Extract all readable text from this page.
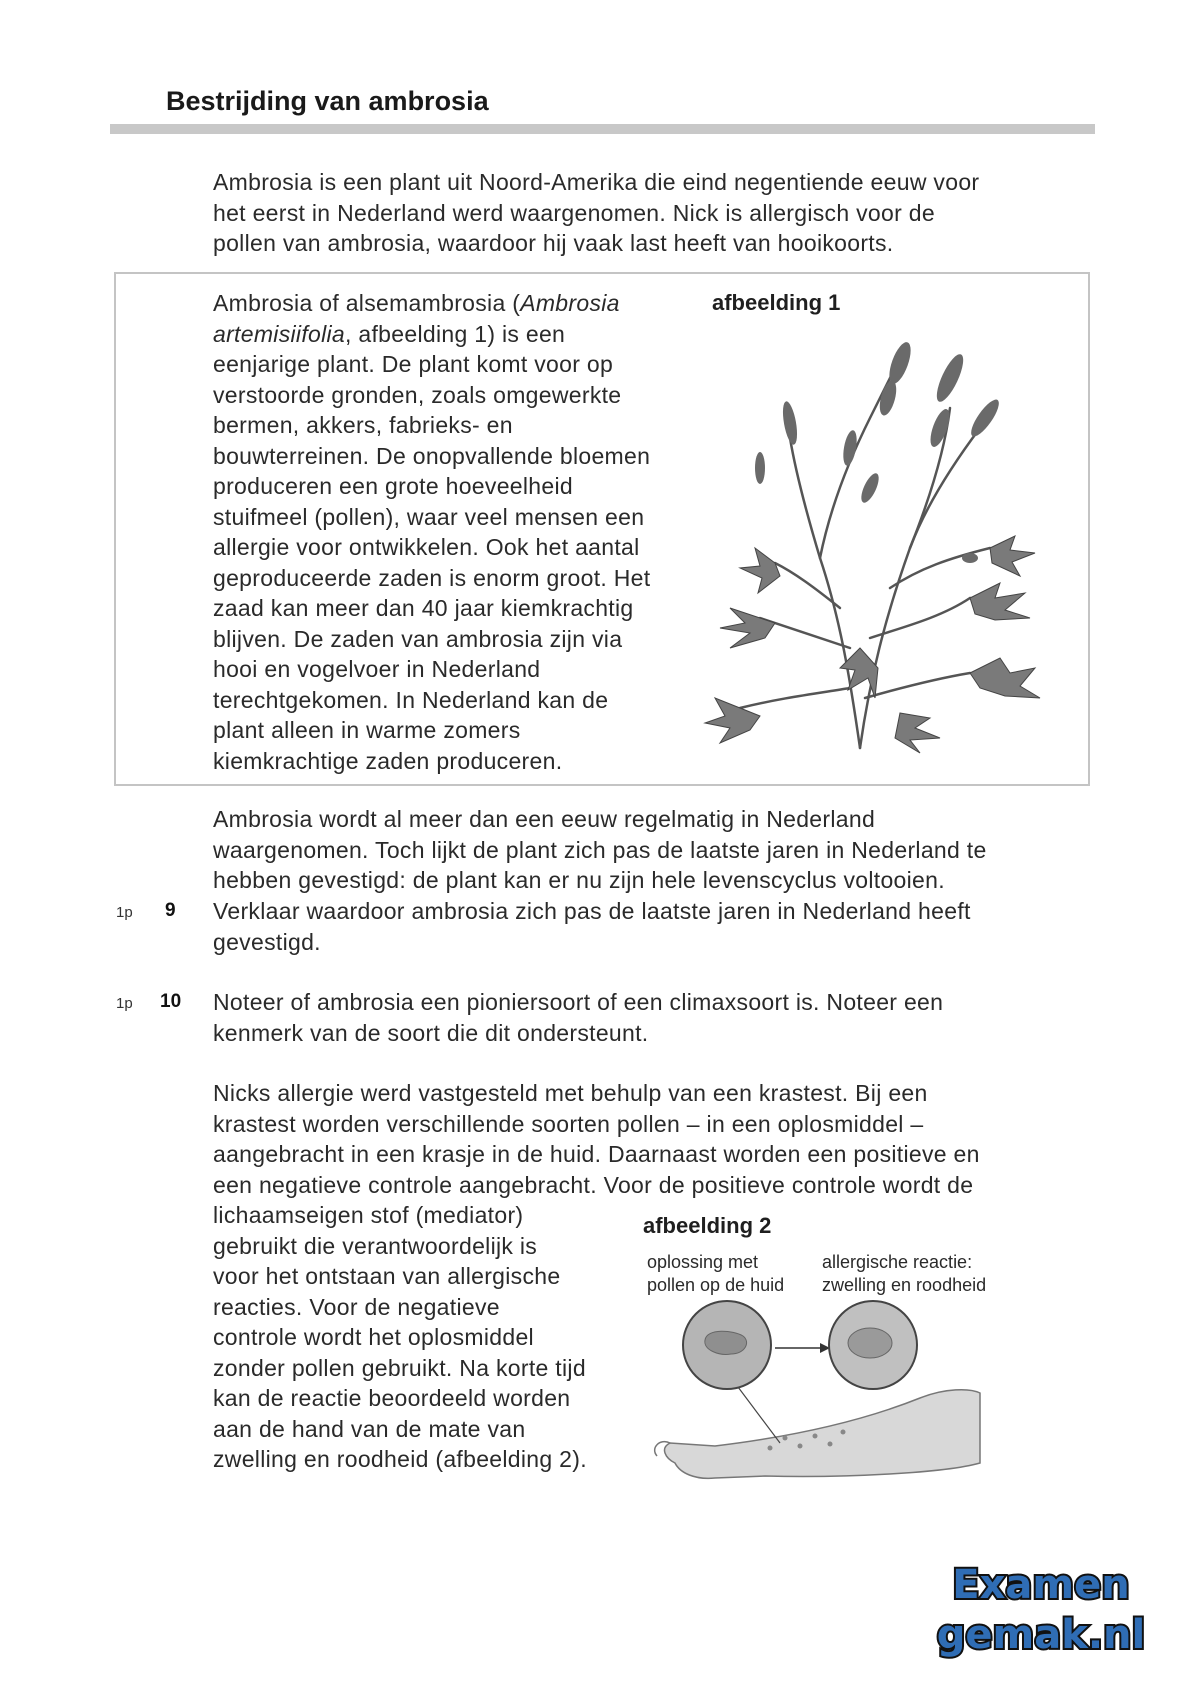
Bestrijding van ambrosia
Ambrosia is een plant uit Noord-Amerika die eind negentiende eeuw voor
het eerst in Nederland werd waargenomen. Nick is allergisch voor de
pollen van ambrosia, waardoor hij vaak last heeft van hooikoorts.
Ambrosia of alsemambrosia (Ambrosia
artemisiifolia, afbeelding 1) is een
eenjarige plant. De plant komt voor op
verstoorde gronden, zoals omgewerkte
bermen, akkers, fabrieks- en
bouwterreinen. De onopvallende bloemen
produceren een grote hoeveelheid
stuifmeel (pollen), waar veel mensen een
allergie voor ontwikkelen. Ook het aantal
geproduceerde zaden is enorm groot. Het
zaad kan meer dan 40 jaar kiemkrachtig
blijven. De zaden van ambrosia zijn via
hooi en vogelvoer in Nederland
terechtgekomen. In Nederland kan de
plant alleen in warme zomers
kiemkrachtige zaden produceren.
afbeelding 1
Ambrosia wordt al meer dan een eeuw regelmatig in Nederland
waargenomen. Toch lijkt de plant zich pas de laatste jaren in Nederland te
hebben gevestigd: de plant kan er nu zijn hele levenscyclus voltooien.
1p 9 Verklaar waardoor ambrosia zich pas de laatste jaren in Nederland heeft
gevestigd.
1p 10 Noteer of ambrosia een pioniersoort of een climaxsoort is. Noteer een
kenmerk van de soort die dit ondersteunt.
Nicks allergie werd vastgesteld met behulp van een krastest. Bij een
krastest worden verschillende soorten pollen – in een oplosmiddel –
aangebracht in een krasje in de huid. Daarnaast worden een positieve en
een negatieve controle aangebracht. Voor de positieve controle wordt de
lichaamseigen stof (mediator)
gebruikt die verantwoordelijk is
voor het ontstaan van allergische
reacties. Voor de negatieve
controle wordt het oplosmiddel
zonder pollen gebruikt. Na korte tijd
kan de reactie beoordeeld worden
aan de hand van de mate van
zwelling en roodheid (afbeelding 2).
afbeelding 2
oplossing met
pollen op de huid
allergische reactie:
zwelling en roodheid
Examen
gemak.nl
